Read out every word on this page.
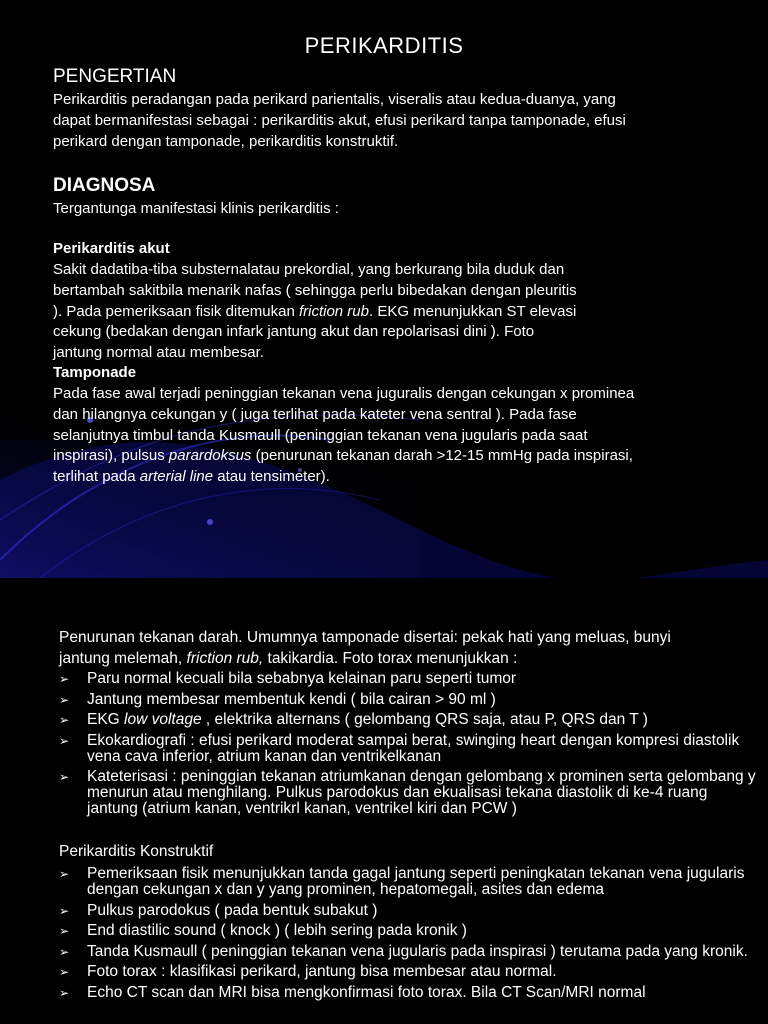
PERIKARDITIS
PENGERTIAN
Perikarditis peradangan pada perikard parientalis, viseralis atau kedua-duanya, yang
dapat bermanifestasi sebagai : perikarditis akut, efusi perikard tanpa tamponade, efusi
perikard dengan tamponade, perikarditis konstruktif.
DIAGNOSA
Tergantunga manifestasi klinis perikarditis :
Perikarditis akut
Sakit dadatiba-tiba substernalatau prekordial, yang berkurang bila duduk dan
bertambah sakitbila menarik nafas ( sehingga perlu bibedakan dengan pleuritis
). Pada pemeriksaan fisik ditemukan friction rub. EKG menunjukkan ST elevasi
cekung (bedakan dengan infark jantung akut dan repolarisasi dini ). Foto
jantung normal atau membesar.
Tamponade
Pada fase awal terjadi peninggian tekanan vena juguralis dengan cekungan x prominea
dan hilangnya cekungan y ( juga terlihat pada kateter vena sentral ). Pada fase
selanjutnya timbul tanda Kusmaull (peninggian tekanan vena jugularis pada saat
inspirasi), pulsus parardoksus (penurunan tekanan darah >12-15 mmHg pada inspirasi,
terlihat pada arterial line atau tensimeter).
Penurunan tekanan darah. Umumnya tamponade disertai: pekak hati yang meluas, bunyi
jantung melemah, friction rub, takikardia. Foto torax menunjukkan :
➢ Paru normal kecuali bila sebabnya kelainan paru seperti tumor
➢ Jantung membesar membentuk kendi ( bila cairan > 90 ml )
➢ EKG low voltage , elektrika alternans ( gelombang QRS saja, atau P, QRS dan T )
➢ Ekokardiografi : efusi perikard moderat sampai berat, swinging heart dengan kompresi diastolik vena cava inferior, atrium kanan dan ventrikelkanan
➢ Kateterisasi : peninggian tekanan atriumkanan dengan gelombang x prominen serta gelombang y menurun atau menghilang. Pulkus parodokus dan ekualisasi tekana diastolik di ke-4 ruang jantung (atrium kanan, ventrikrl kanan, ventrikel kiri dan PCW )
Perikarditis Konstruktif
➢ Pemeriksaan fisik menunjukkan tanda gagal jantung seperti peningkatan tekanan vena jugularis dengan cekungan x dan y yang prominen, hepatomegali, asites dan edema
➢ Pulkus parodokus ( pada bentuk subakut )
➢ End diastilic sound ( knock ) ( lebih sering pada kronik )
➢ Tanda Kusmaull ( peninggian tekanan vena jugularis pada inspirasi ) terutama pada yang kronik.
➢ Foto torax : klasifikasi perikard, jantung bisa membesar atau normal.
➢ Echo CT scan dan MRI bisa mengkonfirmasi foto torax. Bila CT Scan/MRI normal
